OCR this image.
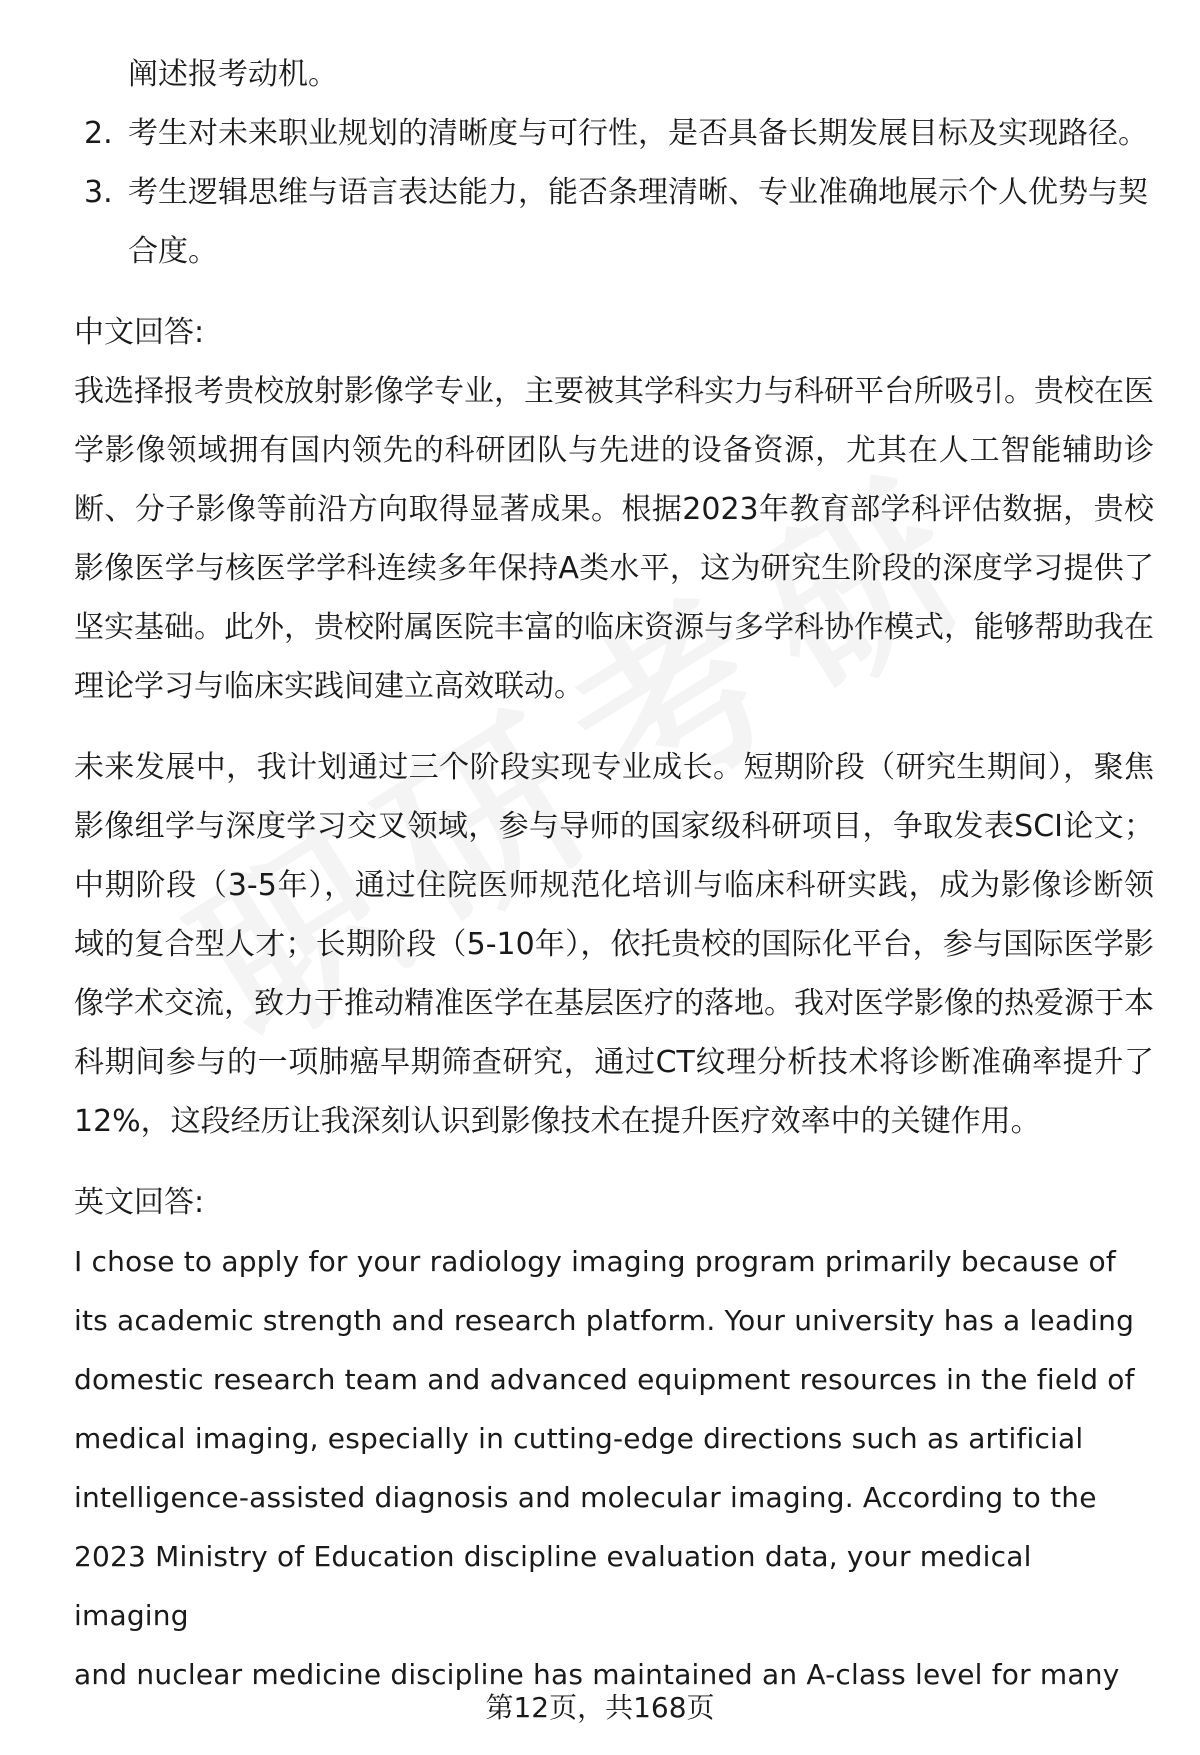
阐述报考动机。
2. 考生对未来职业规划的清晰度与可行性，是否具备长期发展目标及实现路径。
3. 考生逻辑思维与语言表达能力，能否条理清晰、专业准确地展示个人优势与契合度。

中文回答:

我选择报考贵校放射影像学专业，主要被其学科实力与科研平台所吸引。贵校在医学影像领域拥有国内领先的科研团队与先进的设备资源，尤其在人工智能辅助诊断、分子影像等前沿方向取得显著成果。根据2023年教育部学科评估数据，贵校影像医学与核医学学科连续多年保持A类水平，这为研究生阶段的深度学习提供了坚实基础。此外，贵校附属医院丰富的临床资源与多学科协作模式，能够帮助我在理论学习与临床实践间建立高效联动。

未来发展中，我计划通过三个阶段实现专业成长。短期阶段（研究生期间），聚焦影像组学与深度学习交叉领域，参与导师的国家级科研项目，争取发表SCI论文；中期阶段（3-5年），通过住院医师规范化培训与临床科研实践，成为影像诊断领域的复合型人才；长期阶段（5-10年），依托贵校的国际化平台，参与国际医学影像学术交流，致力于推动精准医学在基层医疗的落地。我对医学影像的热爱源于本科期间参与的一项肺癌早期筛查研究，通过CT纹理分析技术将诊断准确率提升了12%，这段经历让我深刻认识到影像技术在提升医疗效率中的关键作用。

英文回答:

I chose to apply for your radiology imaging program primarily because of
its academic strength and research platform. Your university has a leading
domestic research team and advanced equipment resources in the field of
medical imaging, especially in cutting-edge directions such as artificial
intelligence-assisted diagnosis and molecular imaging. According to the
2023 Ministry of Education discipline evaluation data, your medical imaging
and nuclear medicine discipline has maintained an A-class level for many
第12页，共168页
